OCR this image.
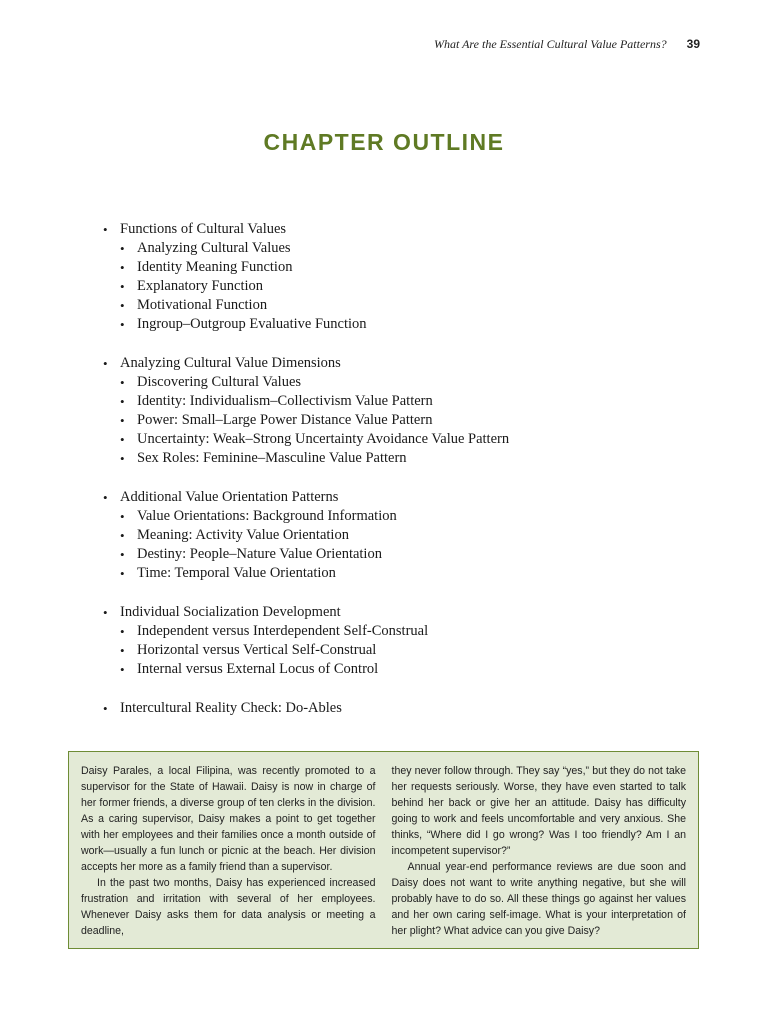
What Are the Essential Cultural Value Patterns? 39
CHAPTER OUTLINE
• Functions of Cultural Values
• Analyzing Cultural Values
• Identity Meaning Function
• Explanatory Function
• Motivational Function
• Ingroup–Outgroup Evaluative Function
• Analyzing Cultural Value Dimensions
• Discovering Cultural Values
• Identity: Individualism–Collectivism Value Pattern
• Power: Small–Large Power Distance Value Pattern
• Uncertainty: Weak–Strong Uncertainty Avoidance Value Pattern
• Sex Roles: Feminine–Masculine Value Pattern
• Additional Value Orientation Patterns
• Value Orientations: Background Information
• Meaning: Activity Value Orientation
• Destiny: People–Nature Value Orientation
• Time: Temporal Value Orientation
• Individual Socialization Development
• Independent versus Interdependent Self-Construal
• Horizontal versus Vertical Self-Construal
• Internal versus External Locus of Control
• Intercultural Reality Check: Do-Ables

Daisy Parales, a local Filipina, was recently promoted to a supervisor for the State of Hawaii. Daisy is now in charge of her former friends, a diverse group of ten clerks in the division. As a caring supervisor, Daisy makes a point to get together with her employees and their families once a month outside of work—usually a fun lunch or picnic at the beach. Her division accepts her more as a family friend than a supervisor.

In the past two months, Daisy has experienced increased frustration and irritation with several of her employees. Whenever Daisy asks them for data analysis or meeting a deadline,

they never follow through. They say “yes,” but they do not take her requests seriously. Worse, they have even started to talk behind her back or give her an attitude. Daisy has difficulty going to work and feels uncomfortable and very anxious. She thinks, “Where did I go wrong? Was I too friendly? Am I an incompetent supervisor?”

Annual year-end performance reviews are due soon and Daisy does not want to write anything negative, but she will probably have to do so. All these things go against her values and her own caring self-image. What is your interpretation of her plight? What advice can you give Daisy?
